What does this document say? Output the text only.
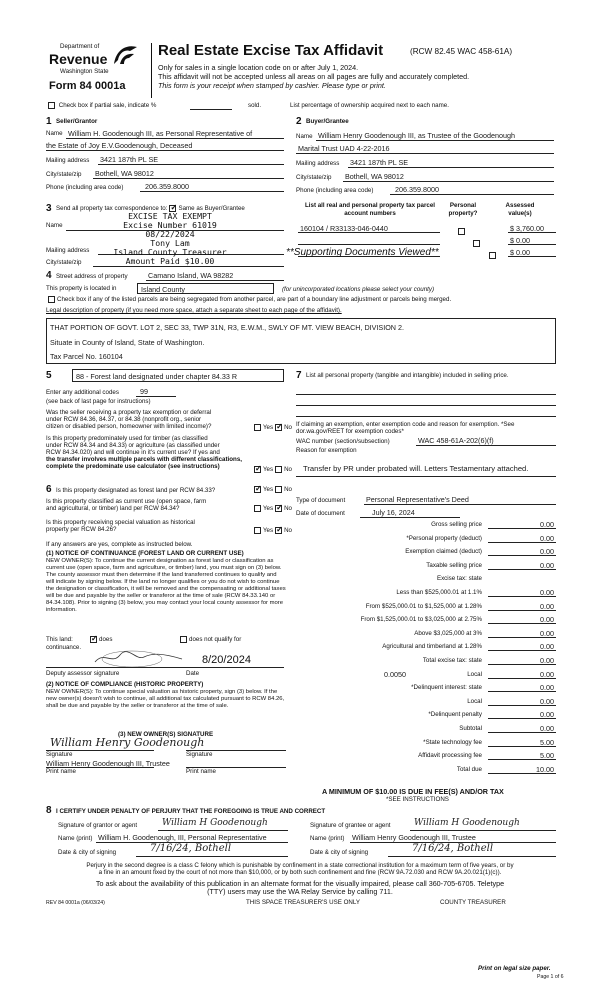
Department of
Revenue
Washington State
Form 84 0001a
Real Estate Excise Tax Affidavit	(RCW 82.45 WAC 458-61A)
Only for sales in a single location code on or after July 1, 2024.
This affidavit will not be accepted unless all areas on all pages are fully and accurately completed.
This form is your receipt when stamped by cashier. Please type or print.
Check box if partial sale, indicate %	sold.	List percentage of ownership acquired next to each name.
1 Seller/Grantor
Name William H. Goodenough III, as Personal Representative of
the Estate of Joy E.V.Goodenough, Deceased
Mailing address 3421 187th PL SE
City/state/zip Bothell, WA 98012
Phone (including area code)	206.359.8000
2 Buyer/Grantee
Name William Henry Goodenough III, as Trustee of the Goodenough
Marital Trust UAD 4-22-2016
Mailing address 3421 187th PL SE
City/state/zip Bothell, WA 98012
Phone (including area code)	206.359.8000
3 Send all property tax correspondence to: ✓ Same as Buyer/Grantee
Name
Mailing address
City/state/zip
EXCISE TAX EXEMPT
Excise Number 61019
08/22/2024
Tony Lam
Island County Treasurer
Amount Paid $10.00
List all real and personal property tax parcel account numbers
Personal property?
Assessed value(s)
160104 / R33133-046-0440
	$ 3,760.00
$ 0.00
$ 0.00
**Supporting Documents Viewed**
4 Street address of property	Camano Island, WA 98282
This property is located in	Island County	(for unincorporated locations please select your county)
Check box if any of the listed parcels are being segregated from another parcel, are part of a boundary line adjustment or parcels being merged.
Legal description of property (if you need more space, attach a separate sheet to each page of the affidavit).
THAT PORTION OF GOVT. LOT 2, SEC 33, TWP 31N, R3, E.W.M., SWLY OF MT. VIEW BEACH, DIVISION 2.
Situate in County of Island, State of Washington.
Tax Parcel No. 160104
5	88 - Forest land designated under chapter 84.33 R
Enter any additional codes	99
(see back of last page for instructions)
Was the seller receiving a property tax exemption or deferral
under RCW 84.36, 84.37, or 84.38 (nonprofit org., senior
citizen or disabled person, homeowner with limited income)?	Yes ✓ No
Is this property predominately used for timber (as classified
under RCW 84.34 and 84.33) or agriculture (as classified under
RCW 84.34.020) and will continue in it's current use? If yes and
the transfer involves multiple parcels with different classifications,
complete the predominate use calculator (see instructions) ✓	Yes No
6 Is this property designated as forest land per RCW 84.33? ✓	Yes No
Is this property classified as current use (open space, farm
and agricultural, or timber) land per RCW 84.34?	Yes ✓ No
Is this property receiving special valuation as historical
property per RCW 84.26?	Yes ✓ No
If any answers are yes, complete as instructed below.
(1) NOTICE OF CONTINUANCE (FOREST LAND OR CURRENT USE)
NEW OWNER(S): To continue the current designation as forest land or classification as current use (open space, farm and agriculture, or timber) land, you must sign on (3) below. The county assessor must then determine if the land transferred continues to qualify and will indicate by signing below. If the land no longer qualifies or you do not wish to continue the designation or classification, it will be removed and the compensating or additional taxes will be due and payable by the seller or transferor at the time of sale (RCW 84.33.140 or 84.34.108). Prior to signing (3) below, you may contact your local county assessor for more information.
This land:
continuance.
✓does	does not qualify for
8/20/2024
Deputy assessor signature	Date
(2) NOTICE OF COMPLIANCE (HISTORIC PROPERTY)
NEW OWNER(S): To continue special valuation as historic property, sign (3) below. If the new owner(s) doesn't wish to continue, all additional tax calculated pursuant to RCW 84.26, shall be due and payable by the seller or transferor at the time of sale.
(3) NEW OWNER(S) SIGNATURE
William Henry Goodenough
Signature	Signature
William Henry Goodenough III, Trustee
Print name	Print name
7 List all personal property (tangible and intangible) included in selling price.
If claiming an exemption, enter exemption code and reason for exemption. *See dor.wa.gov/REET for exemption codes*
WAC number (section/subsection)	WAC 458-61A-202(6)(f)
Reason for exemption
Transfer by PR under probated will. Letters Testamentary attached.
Type of document	Personal Representative's Deed
Date of document	July 16, 2024
Gross selling price	0.00
*Personal property (deduct)	0.00
Exemption claimed (deduct)	0.00
Taxable selling price	0.00
Excise tax: state
Less than $525,000.01 at 1.1%	0.00
From $525,000.01 to $1,525,000 at 1.28%	0.00
From $1,525,000.01 to $3,025,000 at 2.75%	0.00
Above $3,025,000 at 3%	0.00
Agricultural and timberland at 1.28%	0.00
Total excise tax: state	0.00
Local
0.0050	0.00
*Delinquent interest: state	0.00
Local	0.00
*Delinquent penalty	0.00
Subtotal	0.00
*State technology fee	5.00
Affidavit processing fee	5.00
Total due	10.00
A MINIMUM OF $10.00 IS DUE IN FEE(S) AND/OR TAX
*SEE INSTRUCTIONS
8 I CERTIFY UNDER PENALTY OF PERJURY THAT THE FOREGOING IS TRUE AND CORRECT
Signature of grantor or agent	William H Goodenough
Name (print) William H. Goodenough, III, Personal Representative
Date & city of signing	7/16/24, Bothell
Signature of grantee or agent	William H Goodenough
Name (print) William Henry Goodenough III, Trustee
Date & city of signing	7/16/24, Bothell
Perjury in the second degree is a class C felony which is punishable by confinement in a state correctional institution for a maximum term of five years, or by
a fine in an amount fixed by the court of not more than $10,000, or by both such confinement and fine (RCW 9A.72.030 and RCW 9A.20.021(1)(c)).
To ask about the availability of this publication in an alternate format for the visually impaired, please call 360-705-6705. Teletype
(TTY) users may use the WA Relay Service by calling 711.
REV 84 0001a (06/03/24)	THIS SPACE TREASURER'S USE ONLY	COUNTY TREASURER
Print on legal size paper.
Page 1 of 6
